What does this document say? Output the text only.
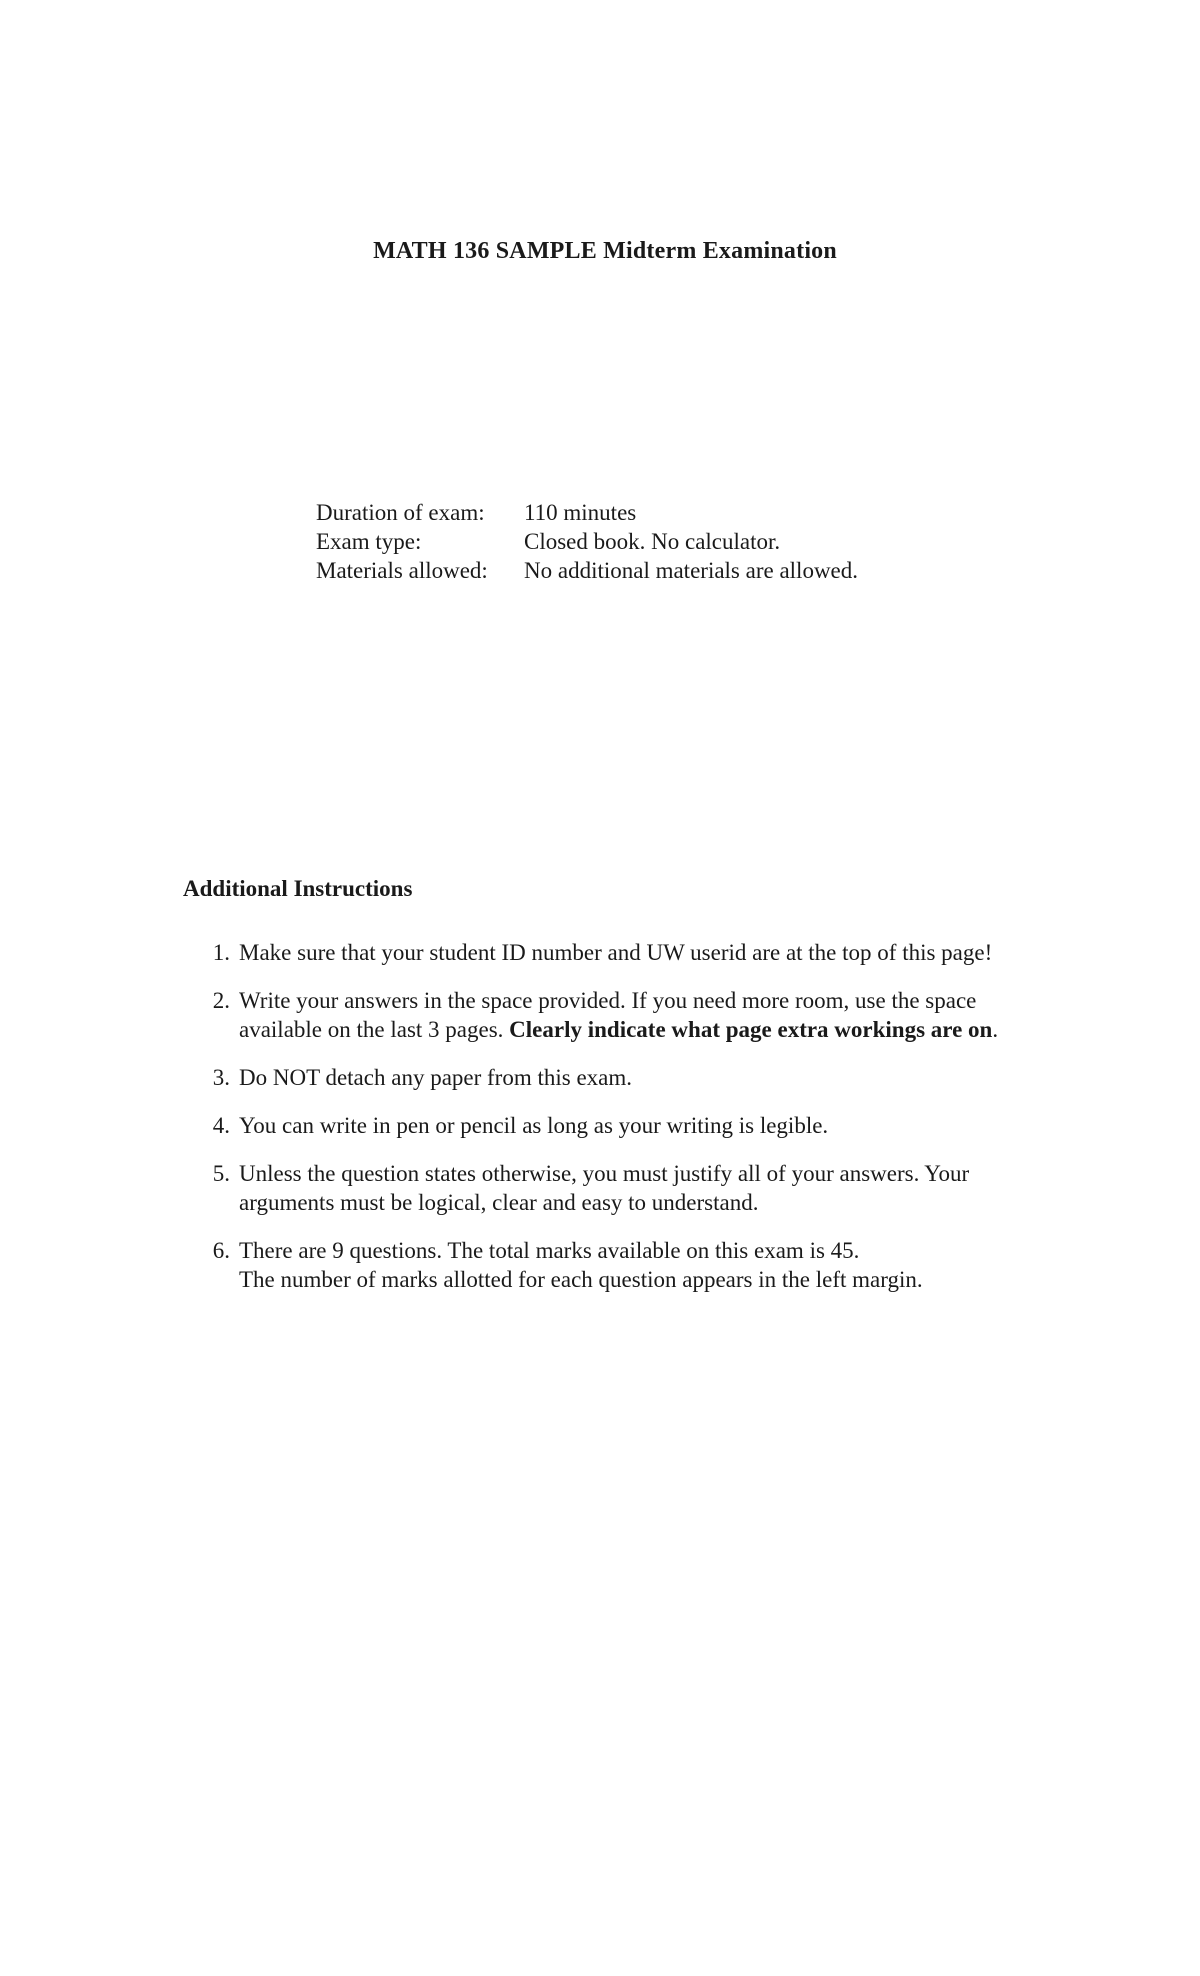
MATH 136 SAMPLE Midterm Examination
Duration of exam:	110 minutes
Exam type:	Closed book. No calculator.
Materials allowed:	No additional materials are allowed.
Additional Instructions
1. Make sure that your student ID number and UW userid are at the top of this page!
2. Write your answers in the space provided. If you need more room, use the space available on the last 3 pages. Clearly indicate what page extra workings are on.
3. Do NOT detach any paper from this exam.
4. You can write in pen or pencil as long as your writing is legible.
5. Unless the question states otherwise, you must justify all of your answers. Your arguments must be logical, clear and easy to understand.
6. There are 9 questions. The total marks available on this exam is 45.
The number of marks allotted for each question appears in the left margin.
